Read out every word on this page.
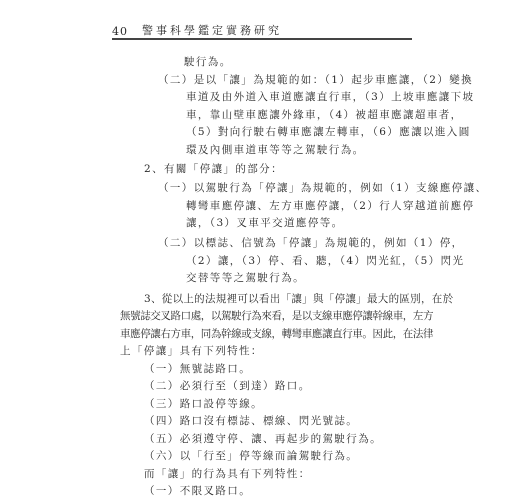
40 警事科學鑑定實務研究
駛行為。
（二）是以「讓」為規範的如：（1）起步車應讓，（2）變換
車道及由外道入車道應讓直行車，（3）上坡車應讓下坡
車，靠山壁車應讓外緣車，（4）被超車應讓超車者，
（5）對向行駛右轉車應讓左轉車，（6）應讓以進入圓
環及內側車道車等等之駕駛行為。
2、有關「停讓」的部分：
（一）以駕駛行為「停讓」為規範的，例如（1）支線應停讓、
轉彎車應停讓、左方車應停讓，（2）行人穿越道前應停
讓，（3）叉車平交道應停等。
（二）以標誌、信號為「停讓」為規範的，例如（1）停，
（2）讓，（3）停、看、聽，（4）閃光紅，（5）閃光
交替等等之駕駛行為。
3、從以上的法規裡可以看出「讓」與「停讓」最大的區別，在於
無號誌交叉路口處，以駕駛行為來看，是以支線車應停讓幹線車，左方
車應停讓右方車，同為幹線或支線，轉彎車應讓直行車。因此，在法律
上「停讓」具有下列特性：
（一）無號誌路口。
（二）必須行至（到達）路口。
（三）路口設停等線。
（四）路口沒有標誌、標線、閃光號誌。
（五）必須遵守停、讓、再起步的駕駛行為。
（六）以「行至」停等線而論駕駛行為。
而「讓」的行為具有下列特性：
（一）不限叉路口。
